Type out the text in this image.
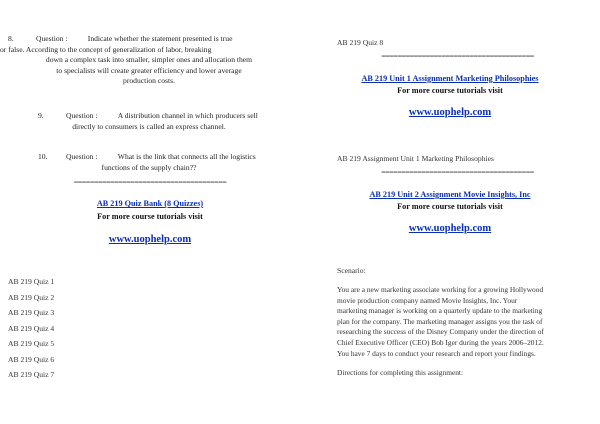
8.	Question :	Indicate whether the statement presented is true
or false. According to the concept of generalization of labor, breaking
down a complex task into smaller, simpler ones and allocation them
to specialists will create greater efficiency and lower average
production costs.
9.	Question :	A distribution channel in which producers sell
directly to consumers is called an express channel.
10. Question :	What is the link that connects all the logistics
functions of the supply chain??
======================================
AB 219 Quiz Bank (8 Quizzes)
For more course tutorials visit
www.uophelp.com
AB 219 Quiz 1
AB 219 Quiz 2
AB 219 Quiz 3
AB 219 Quiz 4
AB 219 Quiz 5
AB 219 Quiz 6
AB 219 Quiz 7
AB 219 Quiz 8
======================================
AB 219 Unit 1 Assignment Marketing Philosophies
For more course tutorials visit
www.uophelp.com
AB 219 Assignment Unit 1 Marketing Philosophies
======================================
AB 219 Unit 2 Assignment Movie Insights, Inc
For more course tutorials visit
www.uophelp.com
Scenario:
You are a new marketing associate working for a growing Hollywood
movie production company named Movie Insights, Inc. Your
marketing manager is working on a quarterly update to the marketing
plan for the company. The marketing manager assigns you the task of
researching the success of the Disney Company under the direction of
Chief Executive Officer (CEO) Bob Iger during the years 2006–2012.
You have 7 days to conduct your research and report your findings.
Directions for completing this assignment:
